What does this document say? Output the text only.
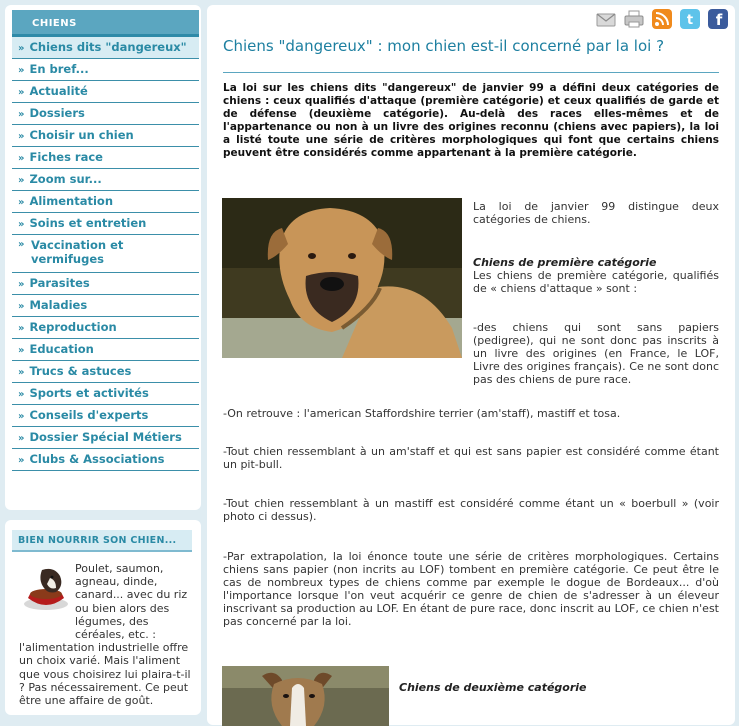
CHIENS
» Chiens dits "dangereux"
» En bref...
» Actualité
» Dossiers
» Choisir un chien
» Fiches race
» Zoom sur...
» Alimentation
» Soins et entretien
» Vaccination et vermifuges
» Parasites
» Maladies
» Reproduction
» Education
» Trucs & astuces
» Sports et activités
» Conseils d'experts
» Dossier Spécial Métiers
» Clubs & Associations
BIEN NOURRIR SON CHIEN...
Poulet, saumon, agneau, dinde, canard... avec du riz ou bien alors des légumes, des céréales, etc. : l'alimentation industrielle offre un choix varié. Mais l'aliment que vous choisirez lui plaira-t-il ? Pas nécessairement. Ce peut être une affaire de goût.
t f
Chiens "dangereux" : mon chien est-il concerné par la loi ?

La loi sur les chiens dits "dangereux" de janvier 99 a défini deux catégories de chiens : ceux qualifiés d'attaque (première catégorie) et ceux qualifiés de garde et de défense (deuxième catégorie). Au-delà des races elles-mêmes et de l'appartenance ou non à un livre des origines reconnu (chiens avec papiers), la loi a listé toute une série de critères morphologiques qui font que certains chiens peuvent être considérés comme appartenant à la première catégorie.

La loi de janvier 99 distingue deux catégories de chiens.

Chiens de première catégorie

Les chiens de première catégorie, qualifiés de « chiens d'attaque » sont :

-des chiens qui sont sans papiers (pedigree), qui ne sont donc pas inscrits à un livre des origines (en France, le LOF, Livre des origines français). Ce ne sont donc pas des chiens de pure race.

-On retrouve : l'american Staffordshire terrier (am'staff), mastiff et tosa.

-Tout chien ressemblant à un am'staff et qui est sans papier est considéré comme étant un pit-bull.

-Tout chien ressemblant à un mastiff est considéré comme étant un « boerbull » (voir photo ci dessus).

-Par extrapolation, la loi énonce toute une série de critères morphologiques. Certains chiens sans papier (non incrits au LOF) tombent en première catégorie. Ce peut être le cas de nombreux types de chiens comme par exemple le dogue de Bordeaux... d'où l'importance lorsque l'on veut acquérir ce genre de chien de s'adresser à un éleveur inscrivant sa production au LOF. En étant de pure race, donc inscrit au LOF, ce chien n'est pas concerné par la loi.

Chiens de deuxième catégorie
